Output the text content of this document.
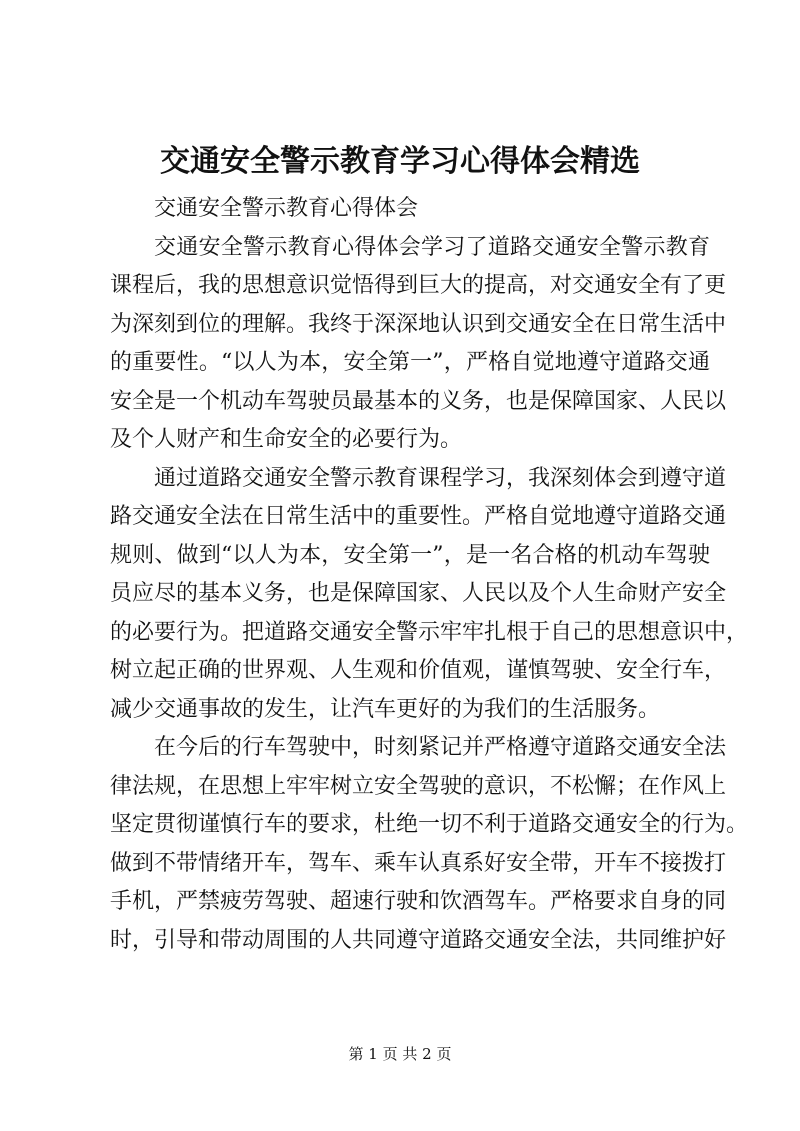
交通安全警示教育学习心得体会精选
交通安全警示教育心得体会
交通安全警示教育心得体会学习了道路交通安全警示教育
课程后，我的思想意识觉悟得到巨大的提高，对交通安全有了更
为深刻到位的理解。我终于深深地认识到交通安全在日常生活中
的重要性。“以人为本，安全第一”，严格自觉地遵守道路交通
安全是一个机动车驾驶员最基本的义务，也是保障国家、人民以
及个人财产和生命安全的必要行为。
通过道路交通安全警示教育课程学习，我深刻体会到遵守道
路交通安全法在日常生活中的重要性。严格自觉地遵守道路交通
规则、做到“以人为本，安全第一”，是一名合格的机动车驾驶
员应尽的基本义务，也是保障国家、人民以及个人生命财产安全
的必要行为。把道路交通安全警示牢牢扎根于自己的思想意识中，
树立起正确的世界观、人生观和价值观，谨慎驾驶、安全行车，
减少交通事故的发生，让汽车更好的为我们的生活服务。
在今后的行车驾驶中，时刻紧记并严格遵守道路交通安全法
律法规，在思想上牢牢树立安全驾驶的意识，不松懈；在作风上
坚定贯彻谨慎行车的要求，杜绝一切不利于道路交通安全的行为。
做到不带情绪开车，驾车、乘车认真系好安全带，开车不接拨打
手机，严禁疲劳驾驶、超速行驶和饮酒驾车。严格要求自身的同
时，引导和带动周围的人共同遵守道路交通安全法，共同维护好
第 1 页 共 2 页
